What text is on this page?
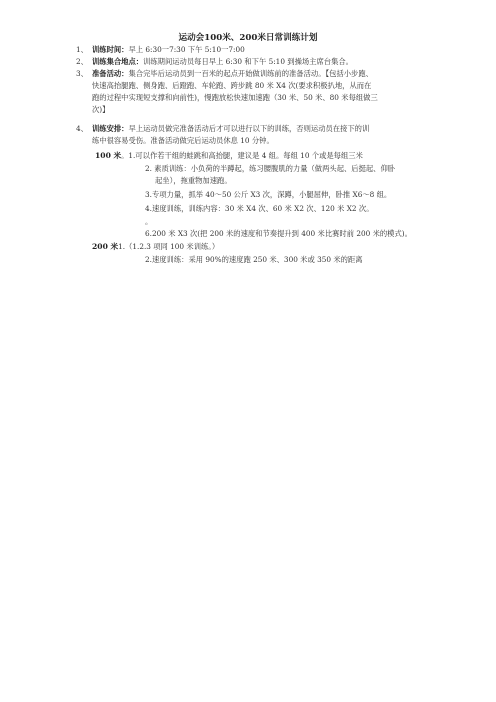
运动会100米、200米日常训练计划
1、 训练时间：早上 6:30一7:30 下午 5:10一7:00
2、 训练集合地点：训练期间运动员每日早上 6:30 和下午 5:10 到操场主席台集合。
3、 准备活动：集合完毕后运动员到一百米的起点开始做训练前的准备活动。【包括小步跑、
快速高抬腿跑、侧身跑、后蹬跑、车轮跑、跨步跳 80 米 X4 次(要求积极扒地，从而在
跑的过程中实现短支撑和向前性)，慢跑放松快速加速跑（30 米、50 米、80 米每组做三
次)】
4、 训练安排：早上运动员做完准备活动后才可以进行以下的训练，否则运动员在接下的训
练中很容易受伤。准备活动做完后运动员休息 10 分钟。
100 米。1.可以作若干组的蛙跳和高抬腿，建议是 4 组。每组 10 个或是每组三米
2. 素质训练：小负荷的半蹲起，练习腰腹肌的力量（做两头起、后挺起、仰卧
起坐），拖重物加速跑。
3.专项力量，抓举 40～50 公斤 X3 次，深蹲，小腿屈伸，卧推 X6～8 组。
4.速度训练，训练内容：30 米 X4 次、60 米 X2 次、120 米 X2 次。
。
6.200 米 X3 次(把 200 米的速度和节奏提升到 400 米比赛时前 200 米的模式)。
200 米1.（1.2.3 项同 100 米训练。）
2.速度训练：采用 90%的速度跑 250 米、300 米或 350 米的距离
